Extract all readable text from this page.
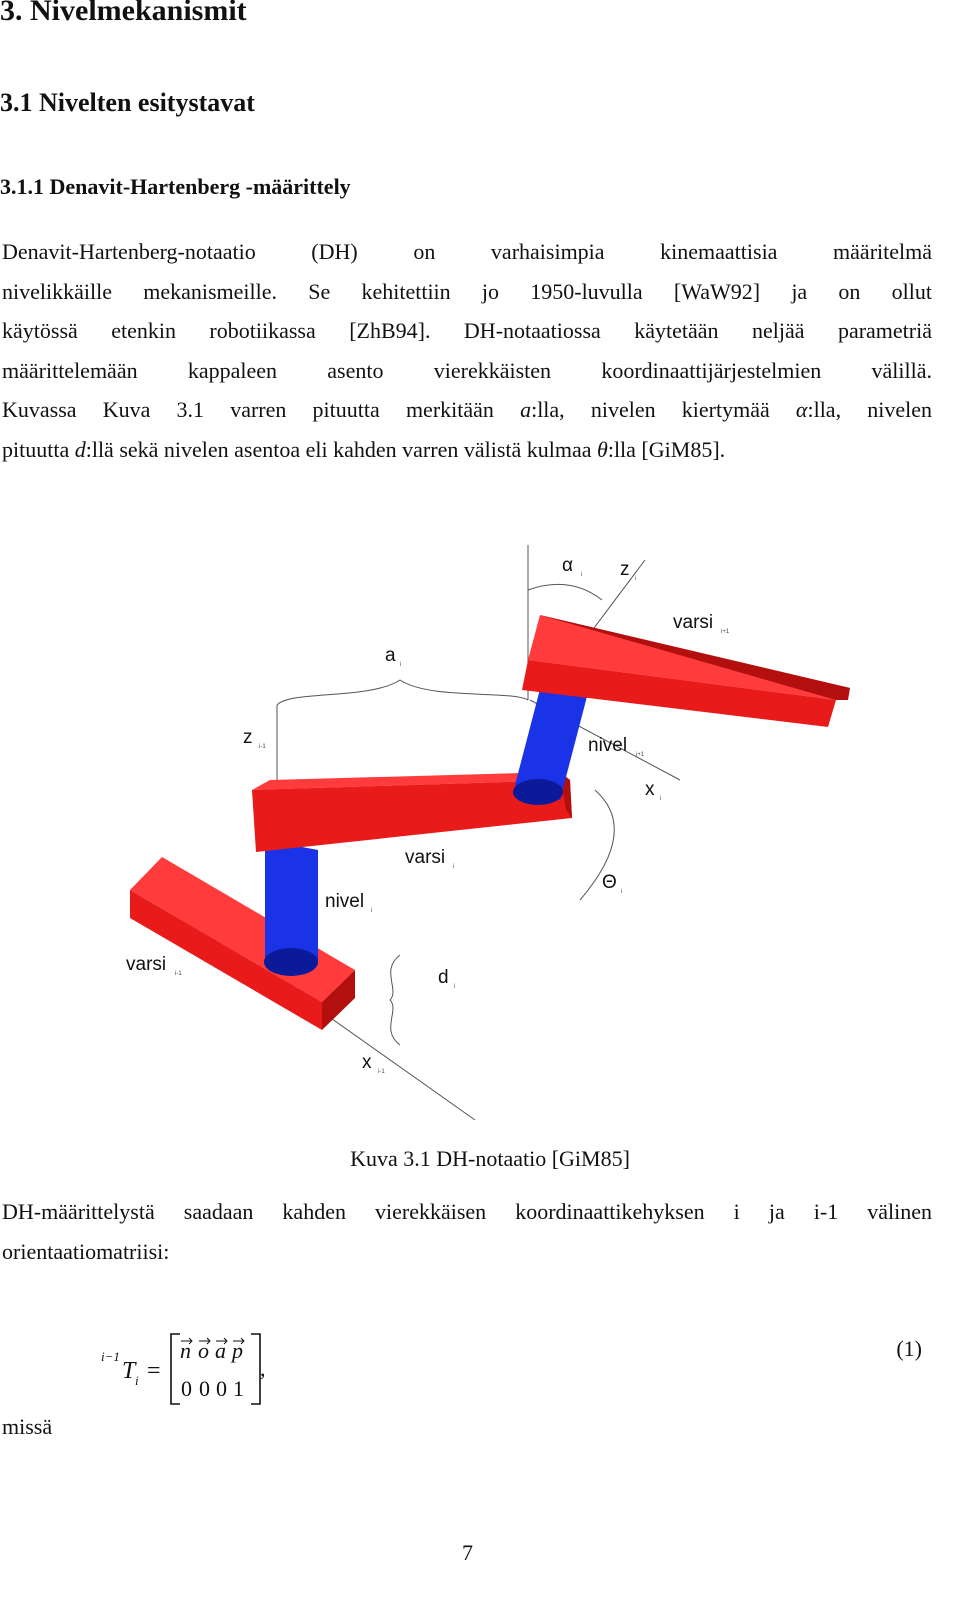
3. Nivelmekanismit
3.1 Nivelten esitystavat
3.1.1 Denavit-Hartenberg -määrittely
Denavit-Hartenberg-notaatio (DH) on varhaisimpia kinemaattisia määritelmä
nivelikkäille mekanismeille. Se kehitettiin jo 1950-luvulla [WaW92] ja on ollut
käytössä etenkin robotiikassa [ZhB94]. DH-notaatiossa käytetään neljää parametriä
määrittelemään kappaleen asento vierekkäisten koordinaattijärjestelmien välillä.
Kuvassa Kuva 3.1 varren pituutta merkitään a:lla, nivelen kiertymää α:lla, nivelen
pituutta d:llä sekä nivelen asentoa eli kahden varren välistä kulmaa θ:lla [GiM85].
α i z i
varsi i+1
a i
z i-1	nivel i+1
x i
varsi i
Θ i
nivel i
varsi i-1	d i
x i-1
Kuva 3.1 DH-notaatio [GiM85]
DH-määrittelystä saadaan kahden vierekkäisen koordinaattikehyksen i ja i-1 välinen
orientaatiomatriisi:
i−1
T i =
n o a p
0 0 0 1
,
(1)
missä
7
